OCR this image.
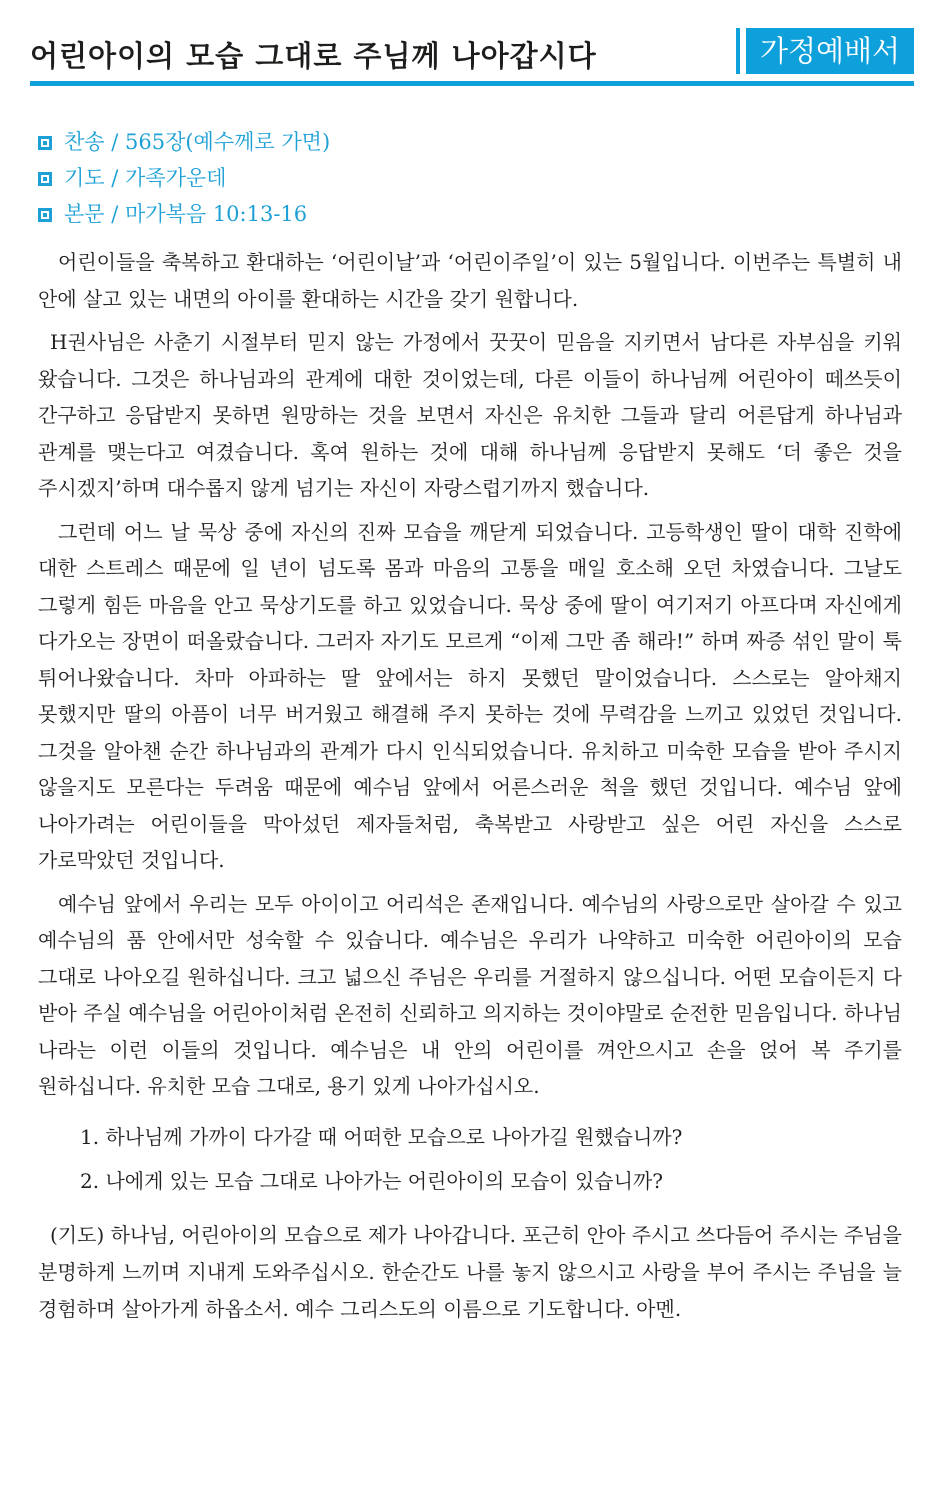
어린아이의 모습 그대로 주님께 나아갑시다	가정예배서
찬송 / 565장(예수께로 가면)
기도 / 가족가운데
본문 / 마가복음 10:13-16

어린이들을 축복하고 환대하는 ‘어린이날’과 ‘어린이주일’이 있는 5월입니다. 이번주는 특별히 내 안에 살고 있는 내면의 아이를 환대하는 시간을 갖기 원합니다.

H권사님은 사춘기 시절부터 믿지 않는 가정에서 꿋꿋이 믿음을 지키면서 남다른 자부심을 키워 왔습니다. 그것은 하나님과의 관계에 대한 것이었는데, 다른 이들이 하나님께 어린아이 떼쓰듯이 간구하고 응답받지 못하면 원망하는 것을 보면서 자신은 유치한 그들과 달리 어른답게 하나님과 관계를 맺는다고 여겼습니다. 혹여 원하는 것에 대해 하나님께 응답받지 못해도 ‘더 좋은 것을 주시겠지’하며 대수롭지 않게 넘기는 자신이 자랑스럽기까지 했습니다.

그런데 어느 날 묵상 중에 자신의 진짜 모습을 깨닫게 되었습니다. 고등학생인 딸이 대학 진학에 대한 스트레스 때문에 일 년이 넘도록 몸과 마음의 고통을 매일 호소해 오던 차였습니다. 그날도 그렇게 힘든 마음을 안고 묵상기도를 하고 있었습니다. 묵상 중에 딸이 여기저기 아프다며 자신에게 다가오는 장면이 떠올랐습니다. 그러자 자기도 모르게 “이제 그만 좀 해라!” 하며 짜증 섞인 말이 툭 튀어나왔습니다. 차마 아파하는 딸 앞에서는 하지 못했던 말이었습니다. 스스로는 알아채지 못했지만 딸의 아픔이 너무 버거웠고 해결해 주지 못하는 것에 무력감을 느끼고 있었던 것입니다. 그것을 알아챈 순간 하나님과의 관계가 다시 인식되었습니다. 유치하고 미숙한 모습을 받아 주시지 않을지도 모른다는 두려움 때문에 예수님 앞에서 어른스러운 척을 했던 것입니다. 예수님 앞에 나아가려는 어린이들을 막아섰던 제자들처럼, 축복받고 사랑받고 싶은 어린 자신을 스스로 가로막았던 것입니다.

예수님 앞에서 우리는 모두 아이이고 어리석은 존재입니다. 예수님의 사랑으로만 살아갈 수 있고 예수님의 품 안에서만 성숙할 수 있습니다. 예수님은 우리가 나약하고 미숙한 어린아이의 모습 그대로 나아오길 원하십니다. 크고 넓으신 주님은 우리를 거절하지 않으십니다. 어떤 모습이든지 다 받아 주실 예수님을 어린아이처럼 온전히 신뢰하고 의지하는 것이야말로 순전한 믿음입니다. 하나님 나라는 이런 이들의 것입니다. 예수님은 내 안의 어린이를 껴안으시고 손을 얹어 복 주기를 원하십니다. 유치한 모습 그대로, 용기 있게 나아가십시오.

1. 하나님께 가까이 다가갈 때 어떠한 모습으로 나아가길 원했습니까?
2. 나에게 있는 모습 그대로 나아가는 어린아이의 모습이 있습니까?

(기도) 하나님, 어린아이의 모습으로 제가 나아갑니다. 포근히 안아 주시고 쓰다듬어 주시는 주님을 분명하게 느끼며 지내게 도와주십시오. 한순간도 나를 놓지 않으시고 사랑을 부어 주시는 주님을 늘 경험하며 살아가게 하옵소서. 예수 그리스도의 이름으로 기도합니다. 아멘.
